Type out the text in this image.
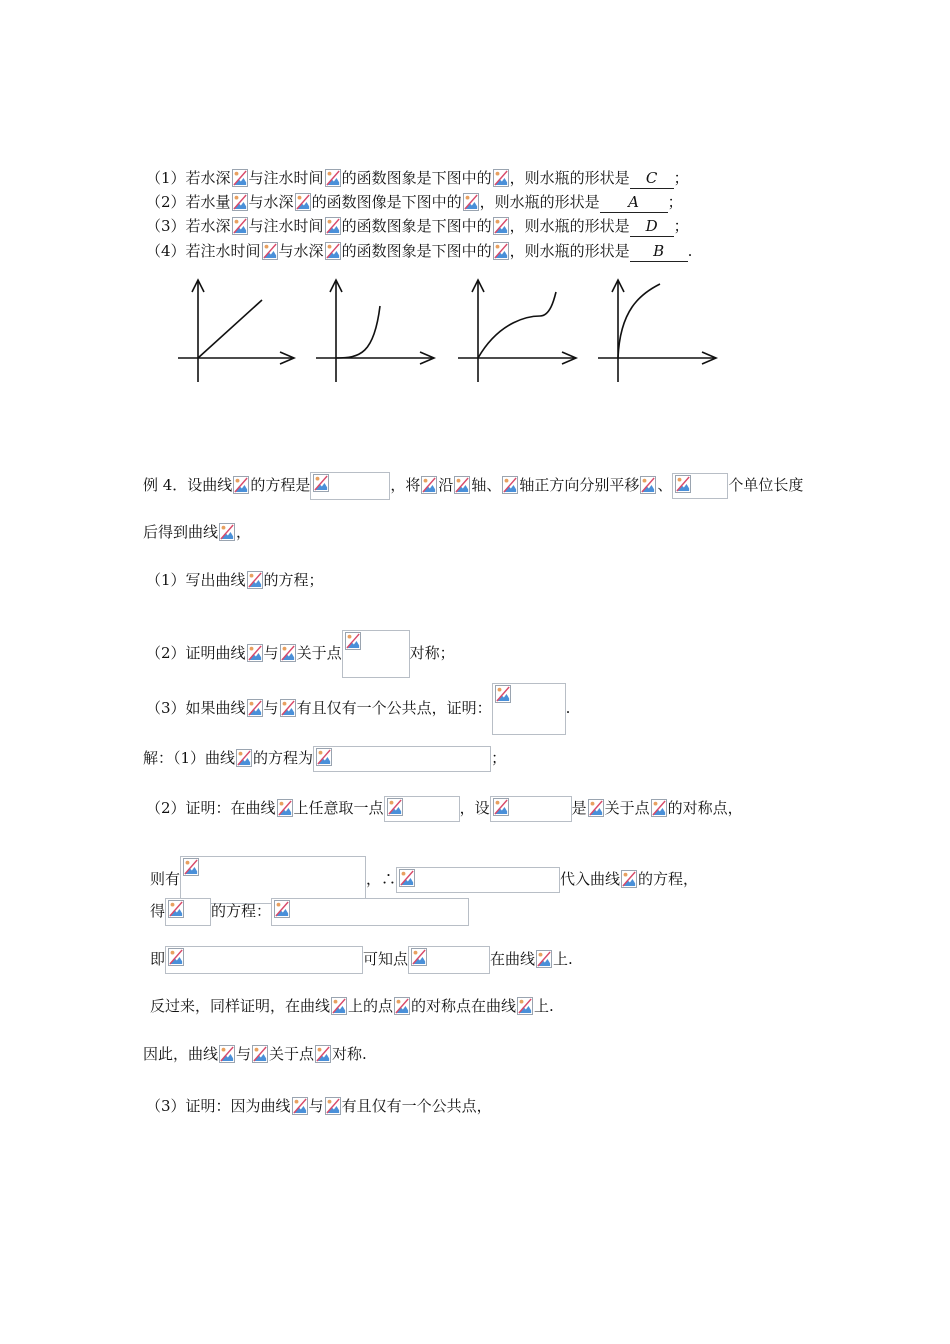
（1）若水深 与注水时间 的函数图象是下图中的 ，则水瓶的形状是 C ；
（2）若水量 与水深 的函数图像是下图中的 ，则水瓶的形状是 A ；
（3）若水深 与注水时间 的函数图象是下图中的 ，则水瓶的形状是 D ；
（4）若注水时间 与水深 的函数图象是下图中的 ，则水瓶的形状是 B .
例 4．设曲线 的方程是	，将 沿 轴、 轴正方向分别平移 、	个单位长度
后得到曲线 ，
（1）写出曲线 的方程；
（2）证明曲线 与 关于点	对称；
（3）如果曲线 与 有且仅有一个公共点，证明：	.
解：（1）曲线 的方程为	；
（2）证明：在曲线 上任意取一点	，设	是 关于点 的对称点，
则有	，∴	代入曲线 的方程，
得	的方程：
即	可知点	在曲线 上.
反过来，同样证明，在曲线 上的点 的对称点在曲线 上.
因此，曲线 与 关于点 对称.
（3）证明：因为曲线 与 有且仅有一个公共点，
